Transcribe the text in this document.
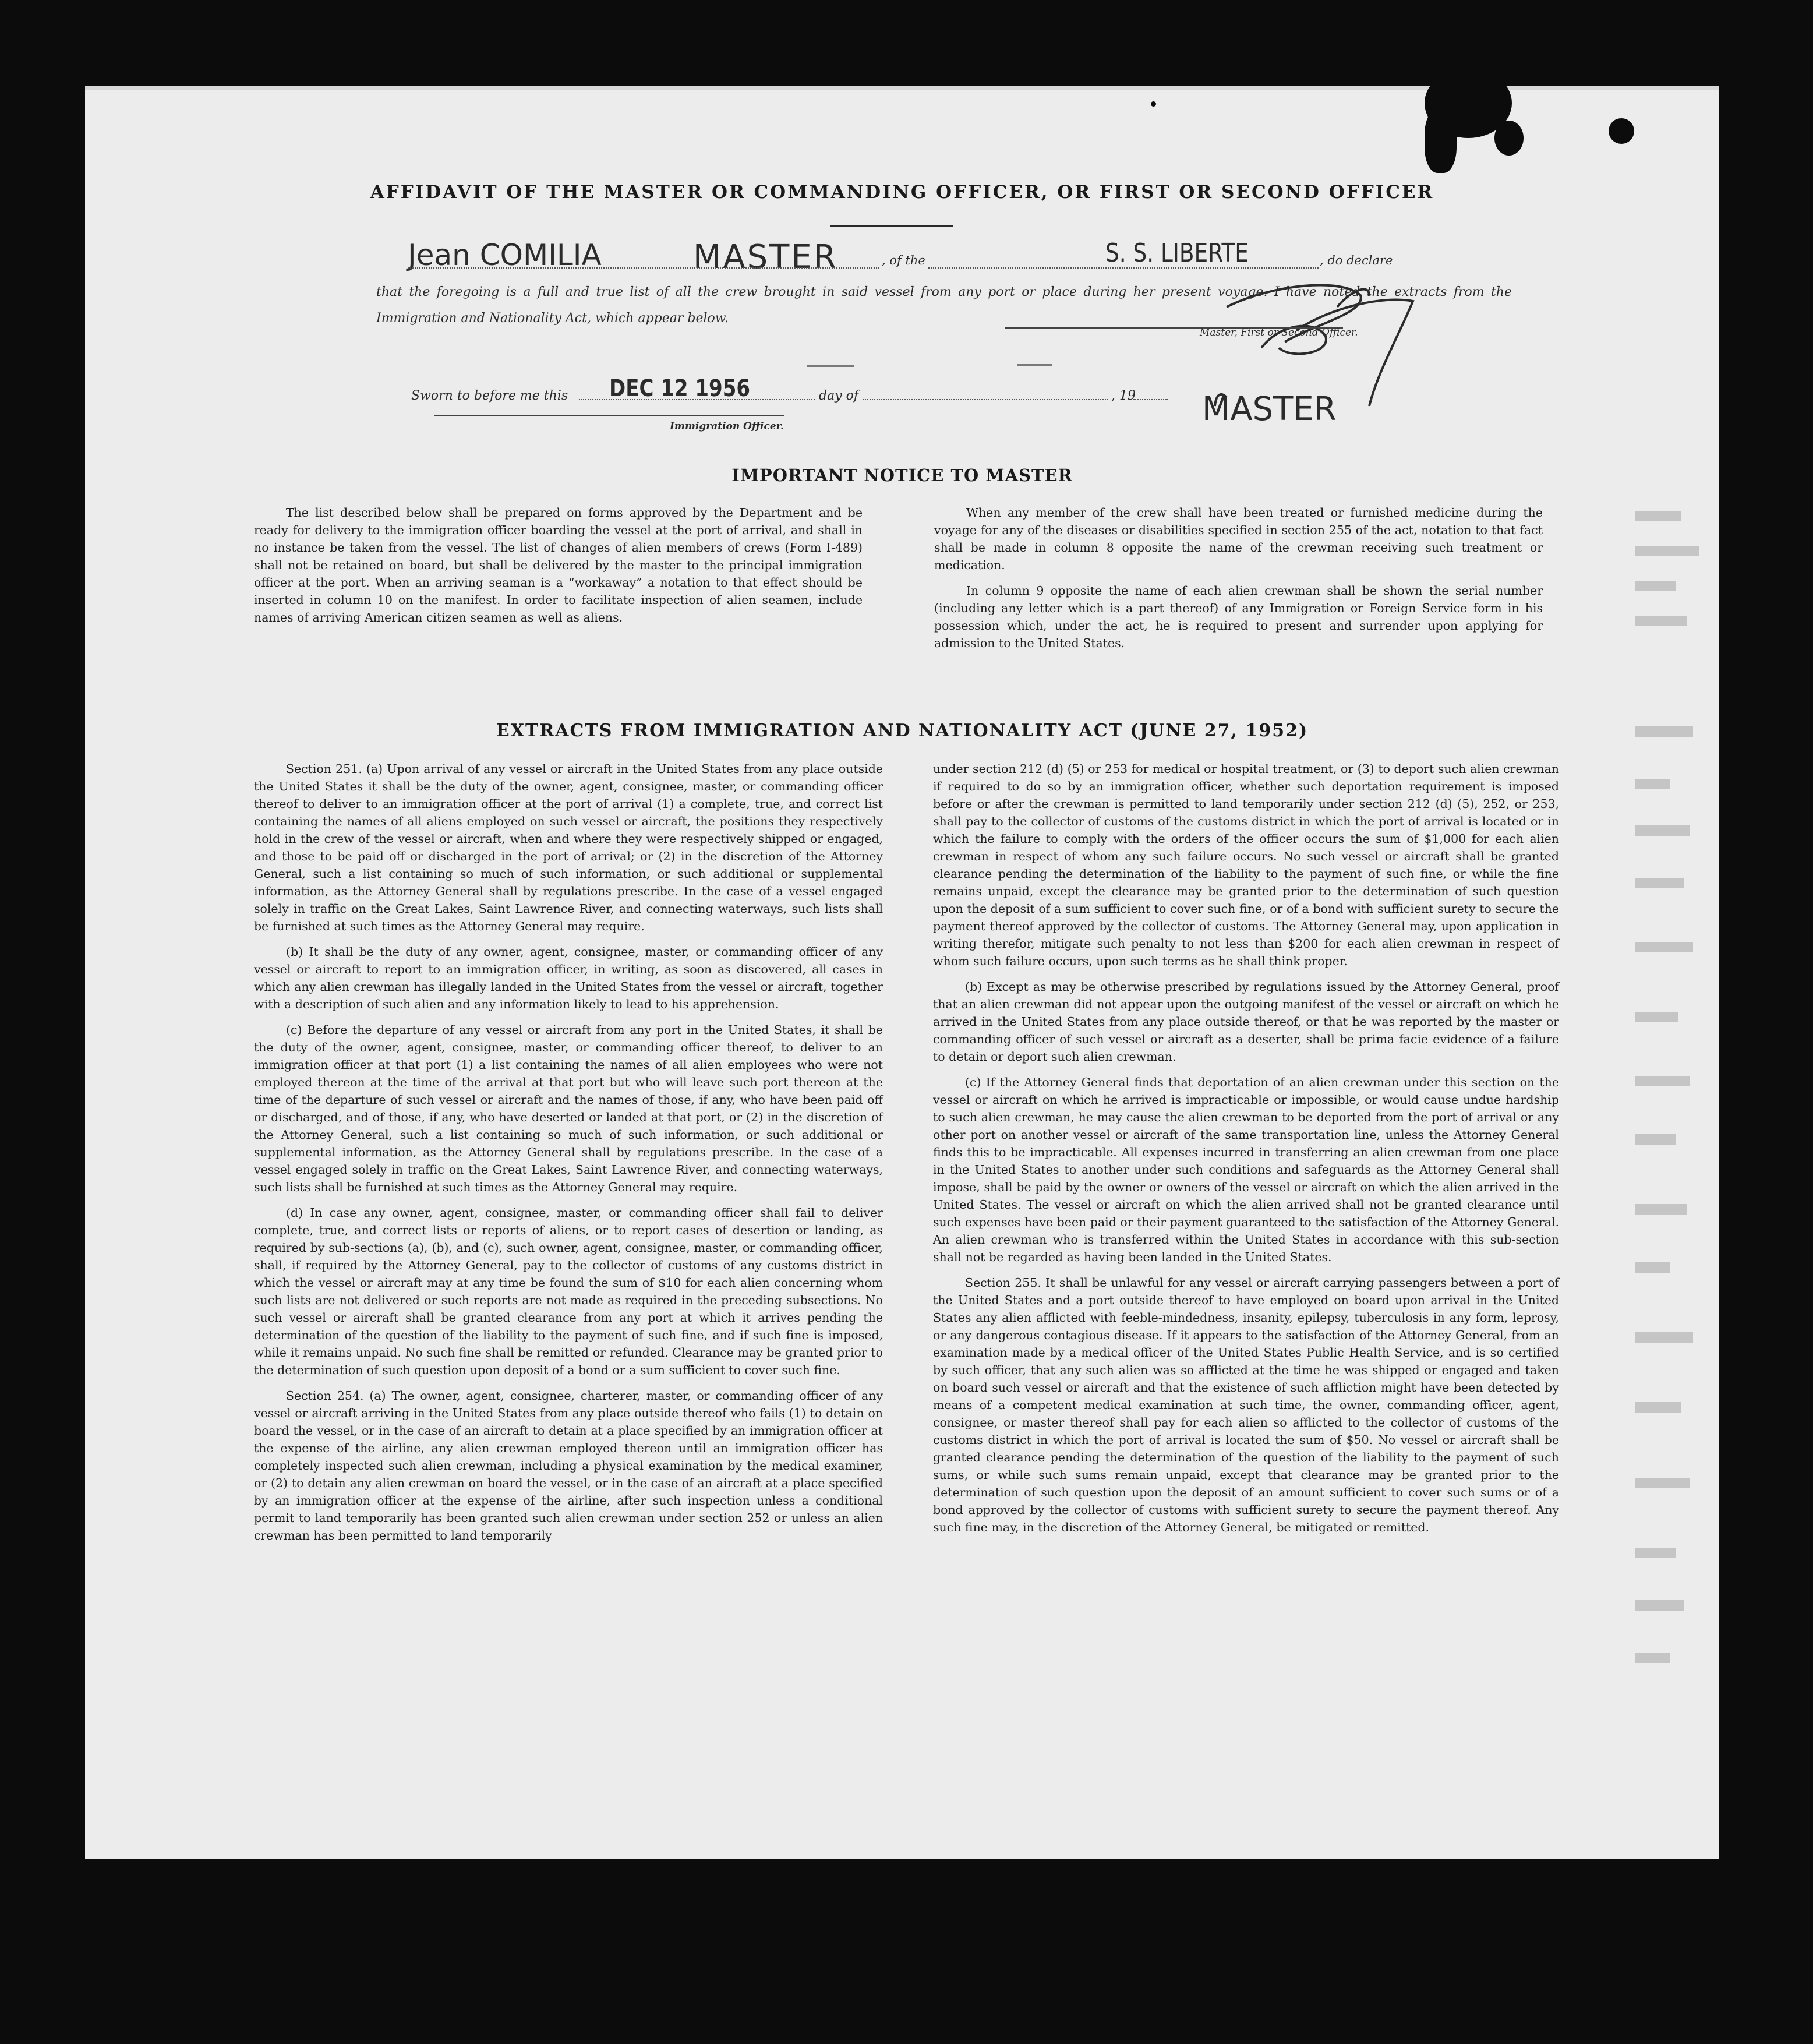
AFFIDAVIT OF THE MASTER OR COMMANDING OFFICER, OR FIRST OR SECOND OFFICER
Jean COMILIA	MASTER	, of the	S. S. LIBERTE	, do declare

that the foregoing is a full and true list of all the crew brought in said vessel from any port or place during her present voyage. I have noted the extracts from the Immigration and Nationality Act, which appear below.

Master, First or Second Officer.
MASTER
Sworn to before me this DEC 12 1956	day of	, 19
Immigration Officer.
IMPORTANT NOTICE TO MASTER

The list described below shall be prepared on forms approved by the Department and be ready for delivery to the immigration officer boarding the vessel at the port of arrival, and shall in no instance be taken from the vessel. The list of changes of alien members of crews (Form I-489) shall not be retained on board, but shall be delivered by the master to the principal immigration officer at the port. When an arriving seaman is a “workaway” a notation to that effect should be inserted in column 10 on the manifest. In order to facilitate inspection of alien seamen, include names of arriving American citizen seamen as well as aliens.

When any member of the crew shall have been treated or furnished medicine during the voyage for any of the diseases or disabilities specified in section 255 of the act, notation to that fact shall be made in column 8 opposite the name of the crewman receiving such treatment or medication.

In column 9 opposite the name of each alien crewman shall be shown the serial number (including any letter which is a part thereof) of any Immigration or Foreign Service form in his possession which, under the act, he is required to present and surrender upon applying for admission to the United States.

EXTRACTS FROM IMMIGRATION AND NATIONALITY ACT (JUNE 27, 1952)

Section 251. (a) Upon arrival of any vessel or aircraft in the United States from any place outside the United States it shall be the duty of the owner, agent, consignee, master, or commanding officer thereof to deliver to an immigration officer at the port of arrival (1) a complete, true, and correct list containing the names of all aliens employed on such vessel or aircraft, the positions they respectively hold in the crew of the vessel or aircraft, when and where they were respectively shipped or engaged, and those to be paid off or discharged in the port of arrival; or (2) in the discretion of the Attorney General, such a list containing so much of such information, or such additional or supplemental information, as the Attorney General shall by regulations prescribe. In the case of a vessel engaged solely in traffic on the Great Lakes, Saint Lawrence River, and connecting waterways, such lists shall be furnished at such times as the Attorney General may require.

(b) It shall be the duty of any owner, agent, consignee, master, or commanding officer of any vessel or aircraft to report to an immigration officer, in writing, as soon as discovered, all cases in which any alien crewman has illegally landed in the United States from the vessel or aircraft, together with a description of such alien and any information likely to lead to his apprehension.

(c) Before the departure of any vessel or aircraft from any port in the United States, it shall be the duty of the owner, agent, consignee, master, or commanding officer thereof, to deliver to an immigration officer at that port (1) a list containing the names of all alien employees who were not employed thereon at the time of the arrival at that port but who will leave such port thereon at the time of the departure of such vessel or aircraft and the names of those, if any, who have been paid off or discharged, and of those, if any, who have deserted or landed at that port, or (2) in the discretion of the Attorney General, such a list containing so much of such information, or such additional or supplemental information, as the Attorney General shall by regulations prescribe. In the case of a vessel engaged solely in traffic on the Great Lakes, Saint Lawrence River, and connecting waterways, such lists shall be furnished at such times as the Attorney General may require.

(d) In case any owner, agent, consignee, master, or commanding officer shall fail to deliver complete, true, and correct lists or reports of aliens, or to report cases of desertion or landing, as required by sub-sections (a), (b), and (c), such owner, agent, consignee, master, or commanding officer, shall, if required by the Attorney General, pay to the collector of customs of any customs district in which the vessel or aircraft may at any time be found the sum of $10 for each alien concerning whom such lists are not delivered or such reports are not made as required in the preceding subsections. No such vessel or aircraft shall be granted clearance from any port at which it arrives pending the determination of the question of the liability to the payment of such fine, and if such fine is imposed, while it remains unpaid. No such fine shall be remitted or refunded. Clearance may be granted prior to the determination of such question upon deposit of a bond or a sum sufficient to cover such fine.

Section 254. (a) The owner, agent, consignee, charterer, master, or commanding officer of any vessel or aircraft arriving in the United States from any place outside thereof who fails (1) to detain on board the vessel, or in the case of an aircraft to detain at a place specified by an immigration officer at the expense of the airline, any alien crewman employed thereon until an immigration officer has completely inspected such alien crewman, including a physical examination by the medical examiner, or (2) to detain any alien crewman on board the vessel, or in the case of an aircraft at a place specified by an immigration officer at the expense of the airline, after such inspection unless a conditional permit to land temporarily has been granted such alien crewman under section 252 or unless an alien crewman has been permitted to land temporarily

under section 212 (d) (5) or 253 for medical or hospital treatment, or (3) to deport such alien crewman if required to do so by an immigration officer, whether such deportation requirement is imposed before or after the crewman is permitted to land temporarily under section 212 (d) (5), 252, or 253, shall pay to the collector of customs of the customs district in which the port of arrival is located or in which the failure to comply with the orders of the officer occurs the sum of $1,000 for each alien crewman in respect of whom any such failure occurs. No such vessel or aircraft shall be granted clearance pending the determination of the liability to the payment of such fine, or while the fine remains unpaid, except the clearance may be granted prior to the determination of such question upon the deposit of a sum sufficient to cover such fine, or of a bond with sufficient surety to secure the payment thereof approved by the collector of customs. The Attorney General may, upon application in writing therefor, mitigate such penalty to not less than $200 for each alien crewman in respect of whom such failure occurs, upon such terms as he shall think proper.

(b) Except as may be otherwise prescribed by regulations issued by the Attorney General, proof that an alien crewman did not appear upon the outgoing manifest of the vessel or aircraft on which he arrived in the United States from any place outside thereof, or that he was reported by the master or commanding officer of such vessel or aircraft as a deserter, shall be prima facie evidence of a failure to detain or deport such alien crewman.

(c) If the Attorney General finds that deportation of an alien crewman under this section on the vessel or aircraft on which he arrived is impracticable or impossible, or would cause undue hardship to such alien crewman, he may cause the alien crewman to be deported from the port of arrival or any other port on another vessel or aircraft of the same transportation line, unless the Attorney General finds this to be impracticable. All expenses incurred in transferring an alien crewman from one place in the United States to another under such conditions and safeguards as the Attorney General shall impose, shall be paid by the owner or owners of the vessel or aircraft on which the alien arrived in the United States. The vessel or aircraft on which the alien arrived shall not be granted clearance until such expenses have been paid or their payment guaranteed to the satisfaction of the Attorney General. An alien crewman who is transferred within the United States in accordance with this sub-section shall not be regarded as having been landed in the United States.

Section 255. It shall be unlawful for any vessel or aircraft carrying passengers between a port of the United States and a port outside thereof to have employed on board upon arrival in the United States any alien afflicted with feeble-mindedness, insanity, epilepsy, tuberculosis in any form, leprosy, or any dangerous contagious disease. If it appears to the satisfaction of the Attorney General, from an examination made by a medical officer of the United States Public Health Service, and is so certified by such officer, that any such alien was so afflicted at the time he was shipped or engaged and taken on board such vessel or aircraft and that the existence of such affliction might have been detected by means of a competent medical examination at such time, the owner, commanding officer, agent, consignee, or master thereof shall pay for each alien so afflicted to the collector of customs of the customs district in which the port of arrival is located the sum of $50. No vessel or aircraft shall be granted clearance pending the determination of the question of the liability to the payment of such sums, or while such sums remain unpaid, except that clearance may be granted prior to the determination of such question upon the deposit of an amount sufficient to cover such sums or of a bond approved by the collector of customs with sufficient surety to secure the payment thereof. Any such fine may, in the discretion of the Attorney General, be mitigated or remitted.
